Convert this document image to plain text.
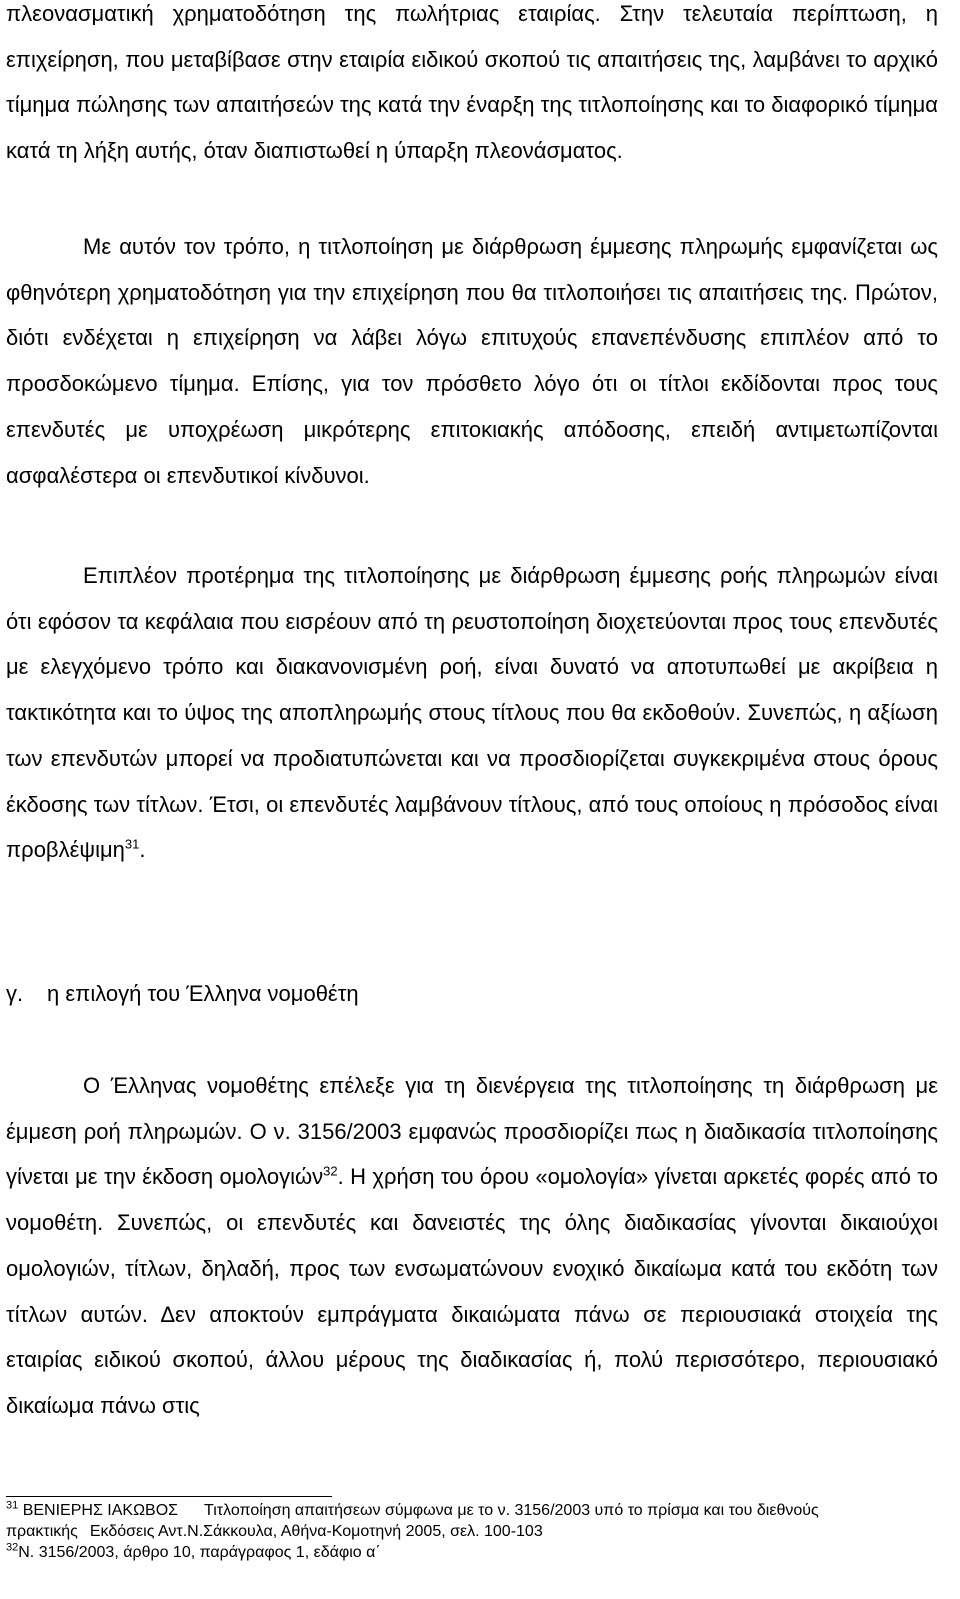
πλεονασματική χρηματοδότηση της πωλήτριας εταιρίας. Στην τελευταία περίπτωση, η επιχείρηση, που μεταβίβασε στην εταιρία ειδικού σκοπού τις απαιτήσεις της, λαμβάνει το αρχικό τίμημα πώλησης των απαιτήσεών της κατά την έναρξη της τιτλοποίησης και το διαφορικό τίμημα κατά τη λήξη αυτής, όταν διαπιστωθεί η ύπαρξη πλεονάσματος.

Με αυτόν τον τρόπο, η τιτλοποίηση με διάρθρωση έμμεσης πληρωμής εμφανίζεται ως φθηνότερη χρηματοδότηση για την επιχείρηση που θα τιτλοποιήσει τις απαιτήσεις της. Πρώτον, διότι ενδέχεται η επιχείρηση να λάβει λόγω επιτυχούς επανεπένδυσης επιπλέον από το προσδοκώμενο τίμημα. Επίσης, για τον πρόσθετο λόγο ότι οι τίτλοι εκδίδονται προς τους επενδυτές με υποχρέωση μικρότερης επιτοκιακής απόδοσης, επειδή αντιμετωπίζονται ασφαλέστερα οι επενδυτικοί κίνδυνοι.

Επιπλέον προτέρημα της τιτλοποίησης με διάρθρωση έμμεσης ροής πληρωμών είναι ότι εφόσον τα κεφάλαια που εισρέουν από τη ρευστοποίηση διοχετεύονται προς τους επενδυτές με ελεγχόμενο τρόπο και διακανονισμένη ροή, είναι δυνατό να αποτυπωθεί με ακρίβεια η τακτικότητα και το ύψος της αποπληρωμής στους τίτλους που θα εκδοθούν. Συνεπώς, η αξίωση των επενδυτών μπορεί να προδιατυπώνεται και να προσδιορίζεται συγκεκριμένα στους όρους έκδοσης των τίτλων. Έτσι, οι επενδυτές λαμβάνουν τίτλους, από τους οποίους η πρόσοδος είναι προβλέψιμη$^{31}$.

γ. η επιλογή του Έλληνα νομοθέτη

Ο Έλληνας νομοθέτης επέλεξε για τη διενέργεια της τιτλοποίησης τη διάρθρωση με έμμεση ροή πληρωμών. Ο ν. 3156/2003 εμφανώς προσδιορίζει πως η διαδικασία τιτλοποίησης γίνεται με την έκδοση ομολογιών$^{32}$. Η χρήση του όρου «ομολογία» γίνεται αρκετές φορές από το νομοθέτη. Συνεπώς, οι επενδυτές και δανειστές της όλης διαδικασίας γίνονται δικαιούχοι ομολογιών, τίτλων, δηλαδή, προς των ενσωματώνουν ενοχικό δικαίωμα κατά του εκδότη των τίτλων αυτών. Δεν αποκτούν εμπράγματα δικαιώματα πάνω σε περιουσιακά στοιχεία της εταιρίας ειδικού σκοπού, άλλου μέρους της διαδικασίας ή, πολύ περισσότερο, περιουσιακό δικαίωμα πάνω στις

$^{31}$ ΒΕΝΙΕΡΗΣ ΙΑΚΩΒΟΣ Τιτλοποίηση απαιτήσεων σύμφωνα με το ν. 3156/2003 υπό το πρίσμα και του διεθνούς
πρακτικής Εκδόσεις Αντ.Ν.Σάκκουλα, Αθήνα-Κομοτηνή 2005, σελ. 100-103

$^{32}$Ν. 3156/2003, άρθρο 10, παράγραφος 1, εδάφιο α΄
